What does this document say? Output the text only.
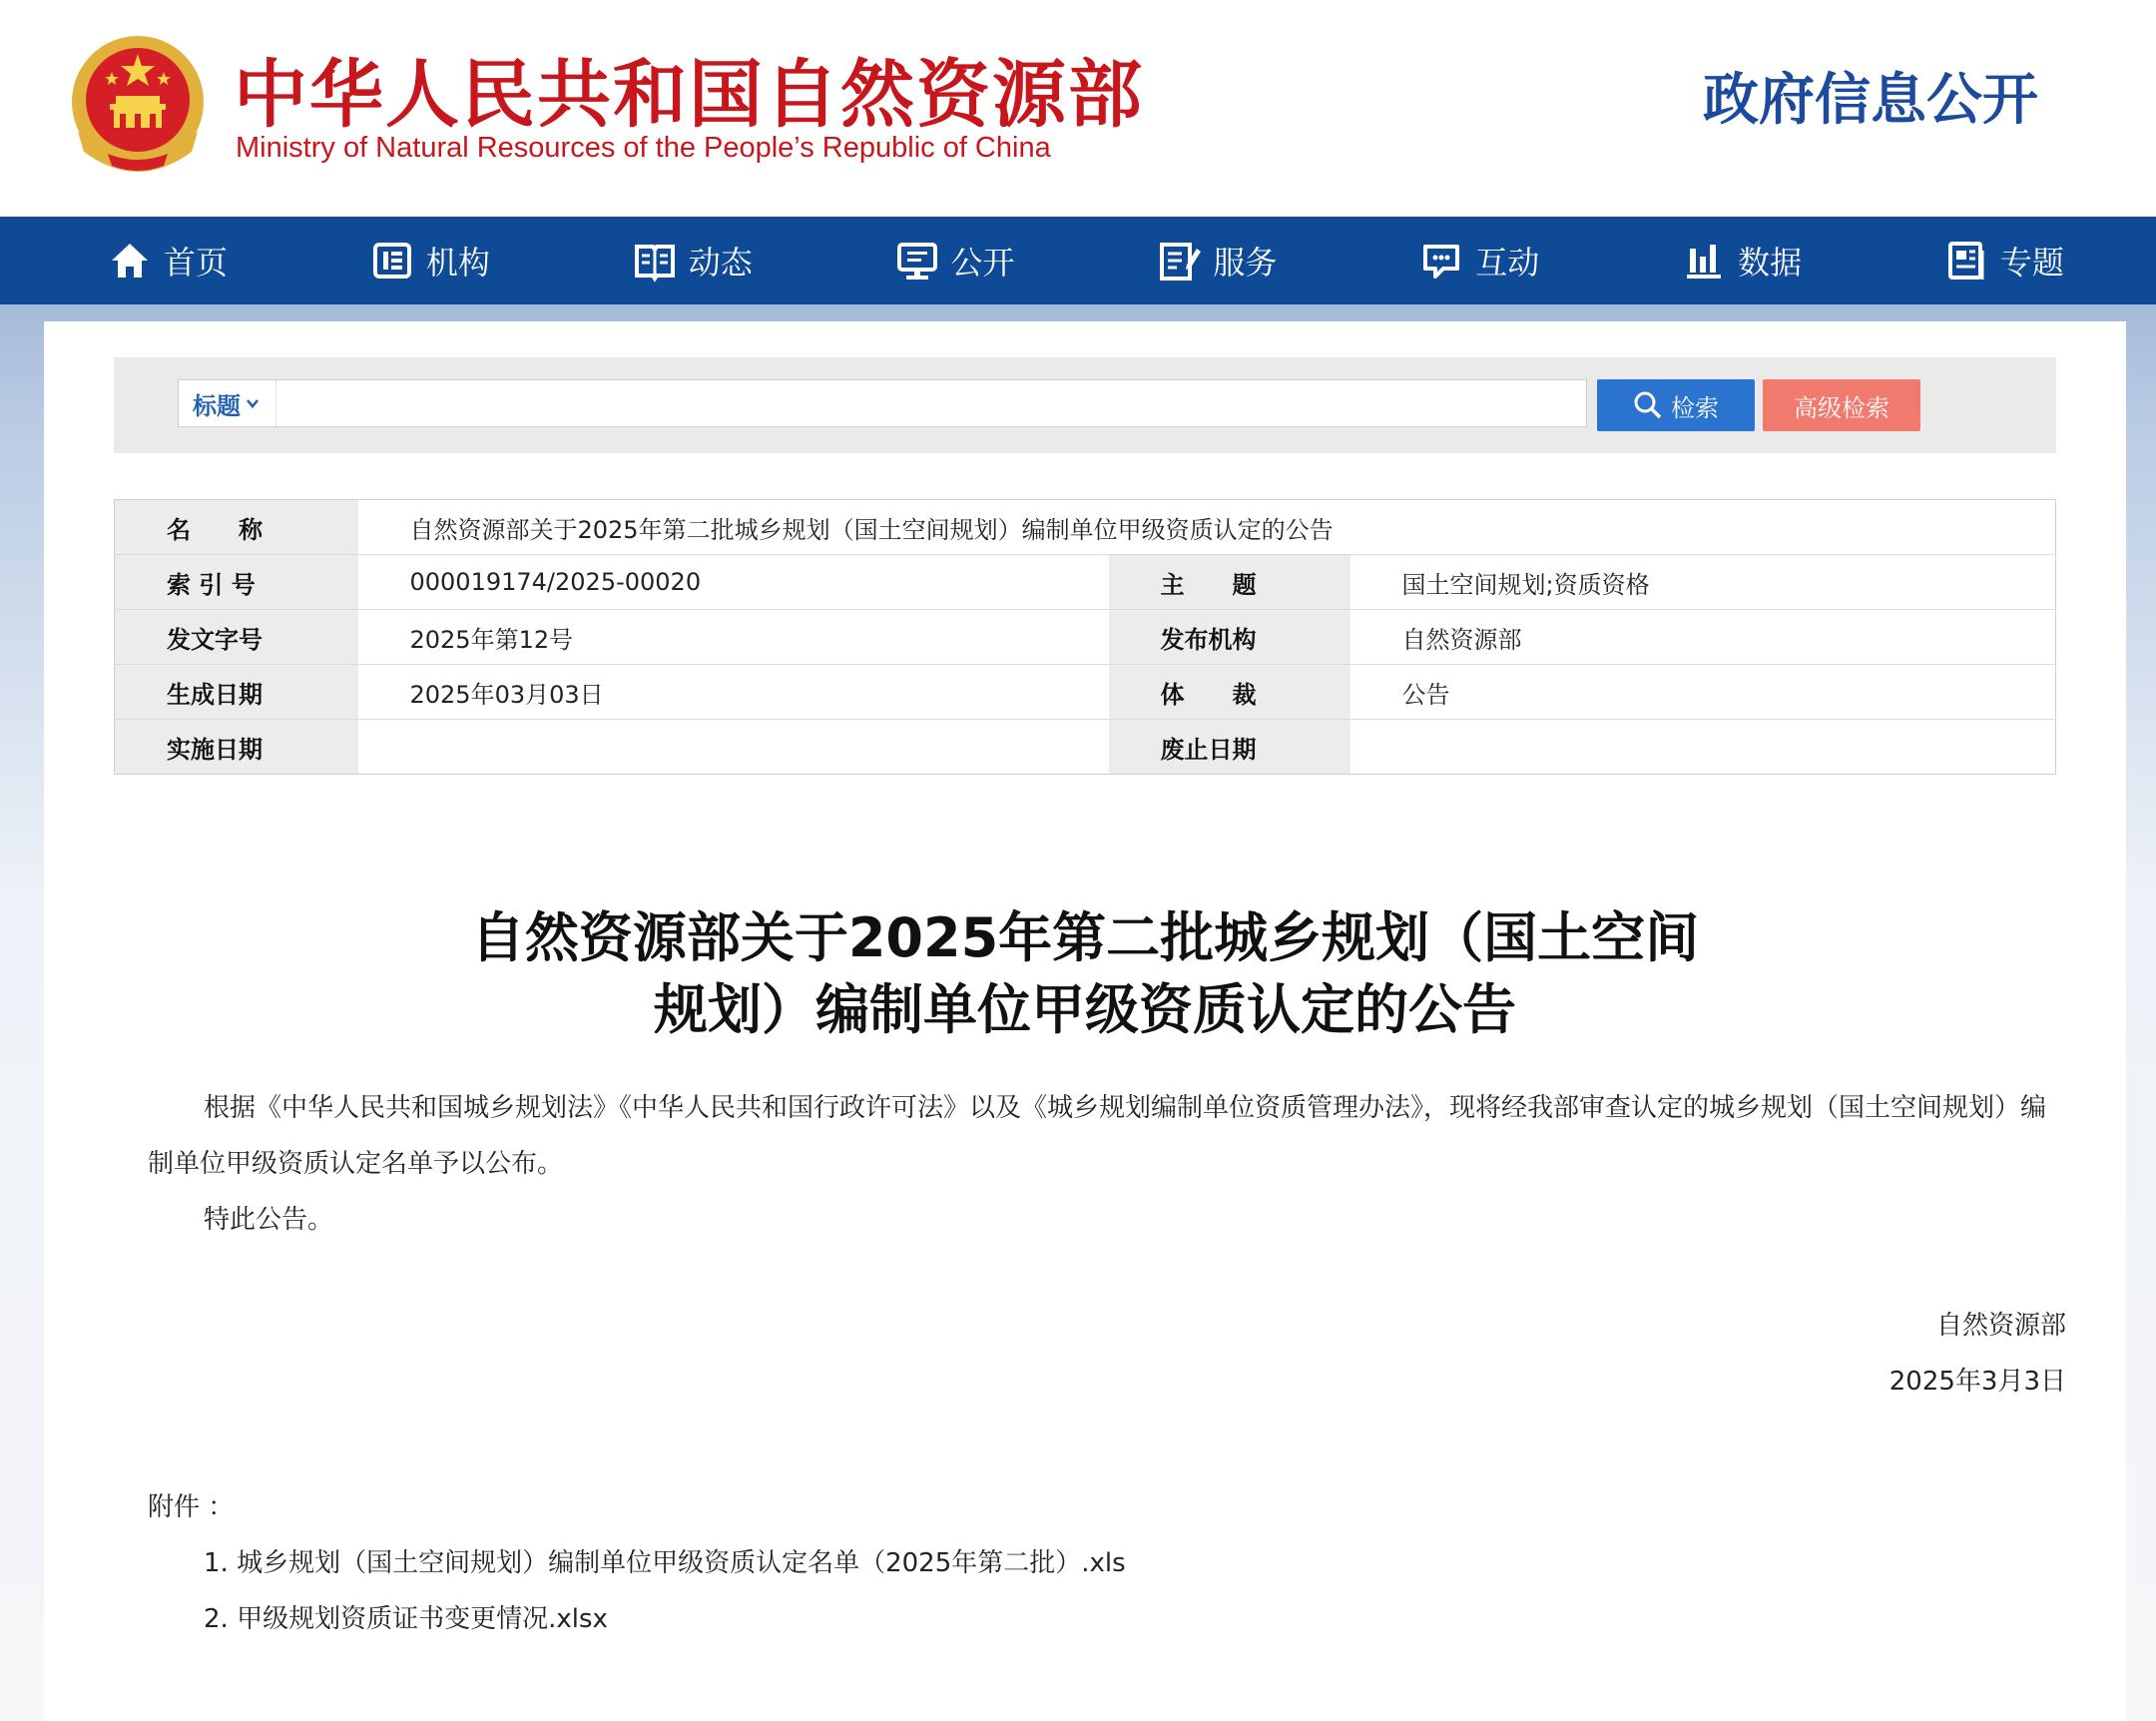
中华人民共和国自然资源部
Ministry of Natural Resources of the People’s Republic of China
政府信息公开
首页	机构	动态	公开	服务	互动	数据	专题
标题	检索	高级检索
名　　称	自然资源部关于2025年第二批城乡规划（国土空间规划）编制单位甲级资质认定的公告		
索 引 号	000019174/2025-00020	主　　题	国土空间规划;资质资格
发文字号	2025年第12号	发布机构	自然资源部
生成日期	2025年03月03日	体　　裁	公告
实施日期		废止日期	
自然资源部关于2025年第二批城乡规划（国土空间
规划）编制单位甲级资质认定的公告

根据《中华人民共和国城乡规划法》《中华人民共和国行政许可法》以及《城乡规划编制单位资质管理办法》，现将经我部审查认定的城乡规划（国土空间规划）编制单位甲级资质认定名单予以公布。

特此公告。

自然资源部
2025年3月3日
附件 ：
1. 城乡规划（国土空间规划）编制单位甲级资质认定名单（2025年第二批）.xls
2. 甲级规划资质证书变更情况.xlsx
